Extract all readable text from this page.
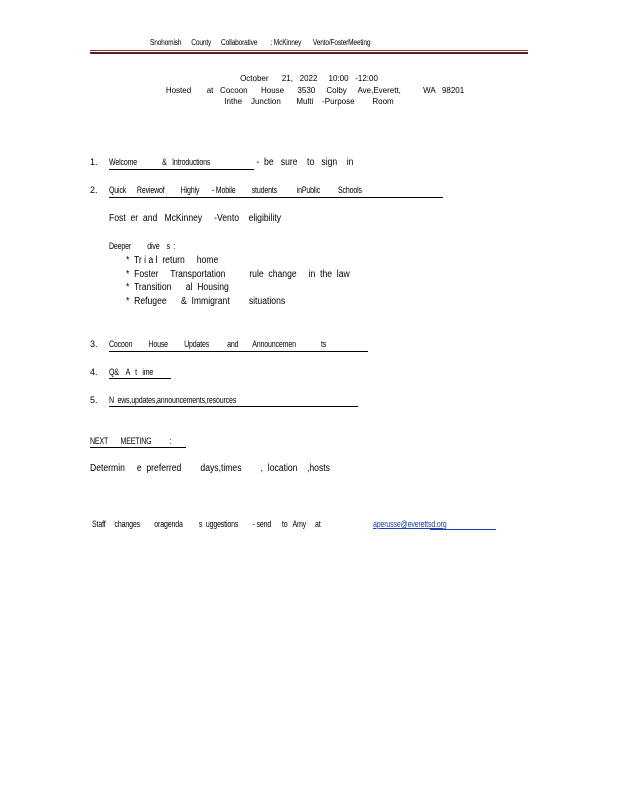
Snohomish      County      Collaborative        : McKinney       Vento/FosterMeeting
October      21,   2022     10:00   -12:00
Hosted       at   Cocoon      House      3530     Colby     Ave,Everett,          WA   98201
Inthe    Junction       Multi    -Purpose        Room
1. Welcome              &   Introductions -  be   sure    to   sign    in
2. Quick      Reviewof         Highly       - Mobile         students           inPublic          Schools
Fost  er  and   McKinney     -Vento    eligibility
Deeper         dive    s  :
*  Tr i a l  return     home
*  Foster     Transportation          rule  change     in  the  law
*  Transition      al  Housing
*  Refugee      &  Immigrant        situations
3. Cocoon         House         Updates          and        Announcemen              ts
4. Q&    A   t   ime
5. N  ews,updates,announcements,resources
NEXT       MEETING          :
Determin     e  preferred        days,times        ,  location    ,hosts
Staff     changes        oragenda         s  uggestions        - send      to   Amy     at	aperusse@everettsd.org
